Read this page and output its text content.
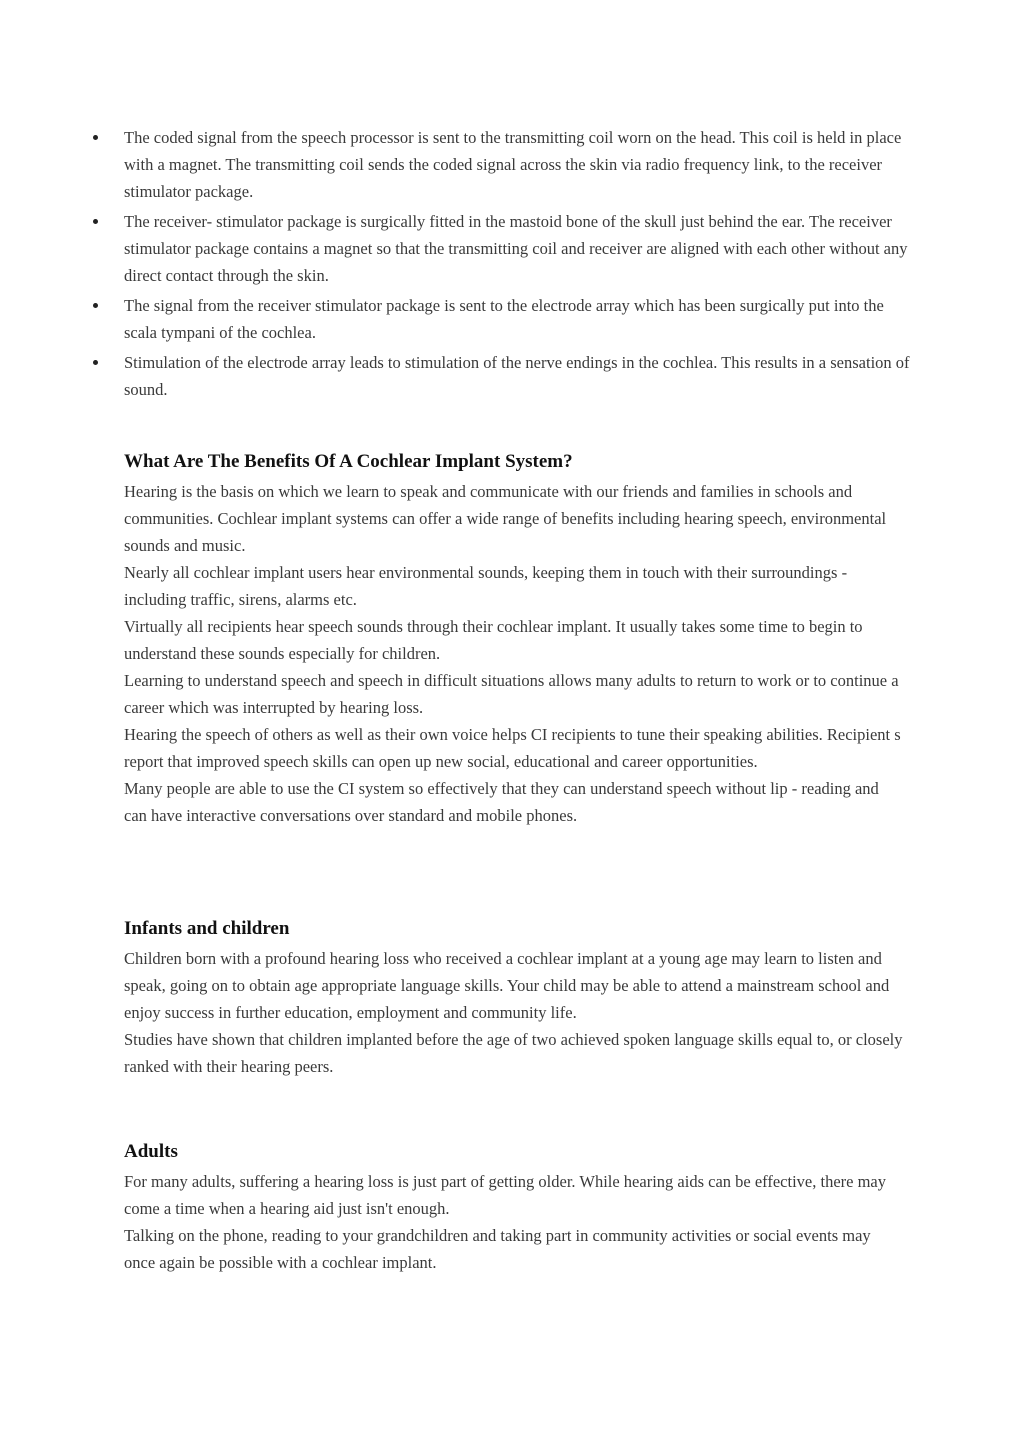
The coded signal from the speech processor is sent to the transmitting coil worn on the head. This coil is held in place with a magnet. The transmitting coil sends the coded signal across the skin via radio frequency link, to the receiver stimulator package.
The receiver- stimulator package is surgically fitted in the mastoid bone of the skull just behind the ear. The receiver stimulator package contains a magnet so that the transmitting coil and receiver are aligned with each other without any direct contact through the skin.
The signal from the receiver stimulator package is sent to the electrode array which has been surgically put into the scala tympani of the cochlea.
Stimulation of the electrode array leads to stimulation of the nerve endings in the cochlea. This results in a sensation of sound.
What Are The Benefits Of A Cochlear Implant System?

Hearing is the basis on which we learn to speak and communicate with our friends and families in schools and communities. Cochlear implant systems can offer a wide range of benefits including hearing speech, environmental sounds and music.

Nearly all cochlear implant users hear environmental sounds, keeping them in touch with their surroundings - including traffic, sirens, alarms etc.

Virtually all recipients hear speech sounds through their cochlear implant. It usually takes some time to begin to understand these sounds especially for children.

Learning to understand speech and speech in difficult situations allows many adults to return to work or to continue a career which was interrupted by hearing loss.

Hearing the speech of others as well as their own voice helps CI recipients to tune their speaking abilities. Recipient s report that improved speech skills can open up new social, educational and career opportunities.

Many people are able to use the CI system so effectively that they can understand speech without lip - reading and can have interactive conversations over standard and mobile phones.

Infants and children

Children born with a profound hearing loss who received a cochlear implant at a young age may learn to listen and speak, going on to obtain age appropriate language skills. Your child may be able to attend a mainstream school and enjoy success in further education, employment and community life.

Studies have shown that children implanted before the age of two achieved spoken language skills equal to, or closely ranked with their hearing peers.

Adults

For many adults, suffering a hearing loss is just part of getting older. While hearing aids can be effective, there may come a time when a hearing aid just isn't enough.

Talking on the phone, reading to your grandchildren and taking part in community activities or social events may once again be possible with a cochlear implant.
